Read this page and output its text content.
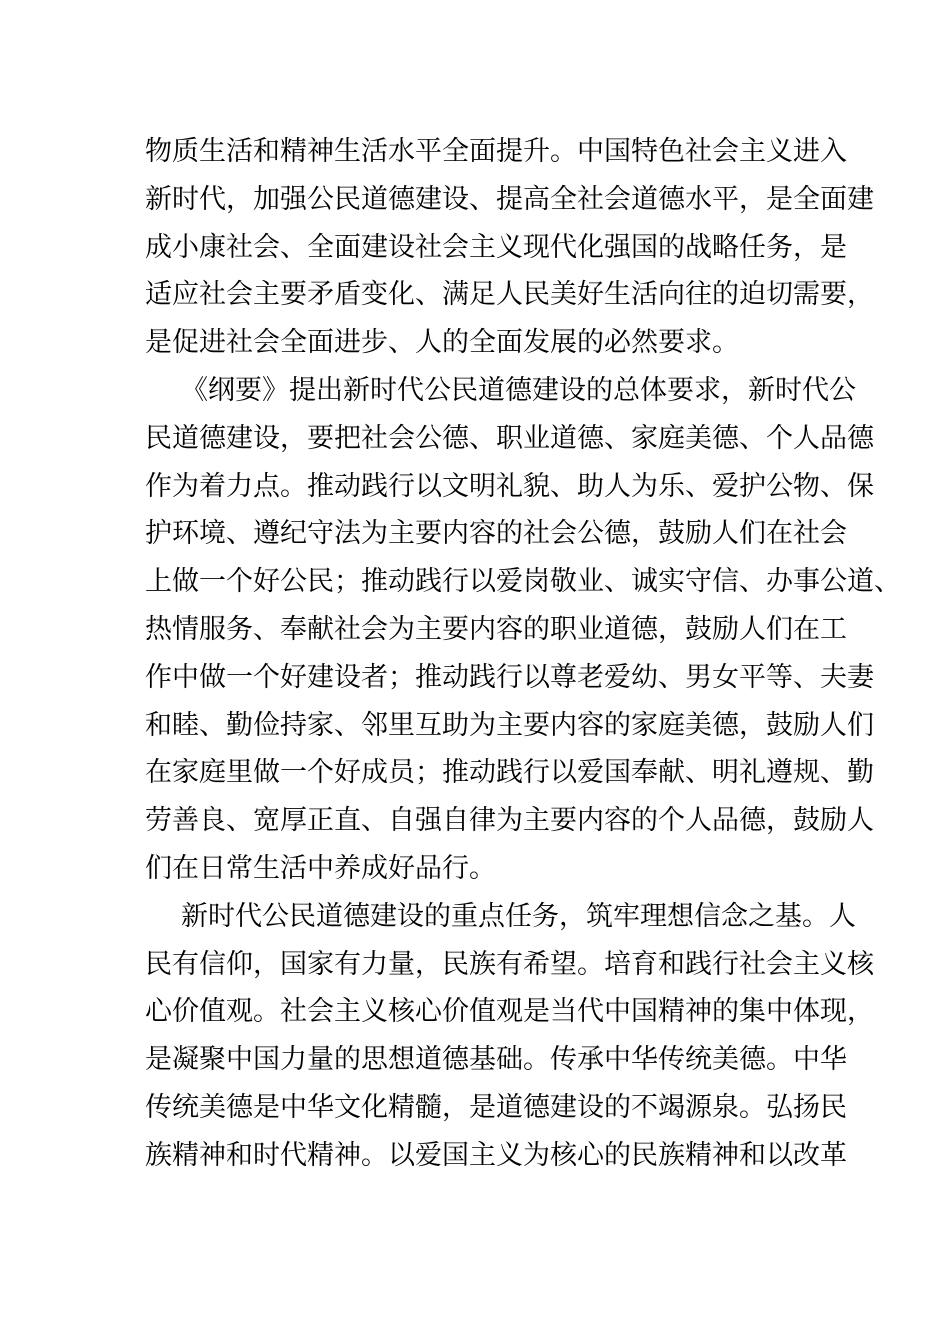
物质生活和精神生活水平全面提升。中国特色社会主义进入
新时代，加强公民道德建设、提高全社会道德水平，是全面建
成小康社会、全面建设社会主义现代化强国的战略任务，是
适应社会主要矛盾变化、满足人民美好生活向往的迫切需要，
是促进社会全面进步、人的全面发展的必然要求。
《纲要》提出新时代公民道德建设的总体要求，新时代公
民道德建设，要把社会公德、职业道德、家庭美德、个人品德
作为着力点。推动践行以文明礼貌、助人为乐、爱护公物、保
护环境、遵纪守法为主要内容的社会公德，鼓励人们在社会
上做一个好公民；推动践行以爱岗敬业、诚实守信、办事公道、
热情服务、奉献社会为主要内容的职业道德，鼓励人们在工
作中做一个好建设者；推动践行以尊老爱幼、男女平等、夫妻
和睦、勤俭持家、邻里互助为主要内容的家庭美德，鼓励人们
在家庭里做一个好成员；推动践行以爱国奉献、明礼遵规、勤
劳善良、宽厚正直、自强自律为主要内容的个人品德，鼓励人
们在日常生活中养成好品行。
新时代公民道德建设的重点任务，筑牢理想信念之基。人
民有信仰，国家有力量，民族有希望。培育和践行社会主义核
心价值观。社会主义核心价值观是当代中国精神的集中体现，
是凝聚中国力量的思想道德基础。传承中华传统美德。中华
传统美德是中华文化精髓，是道德建设的不竭源泉。弘扬民
族精神和时代精神。以爱国主义为核心的民族精神和以改革
